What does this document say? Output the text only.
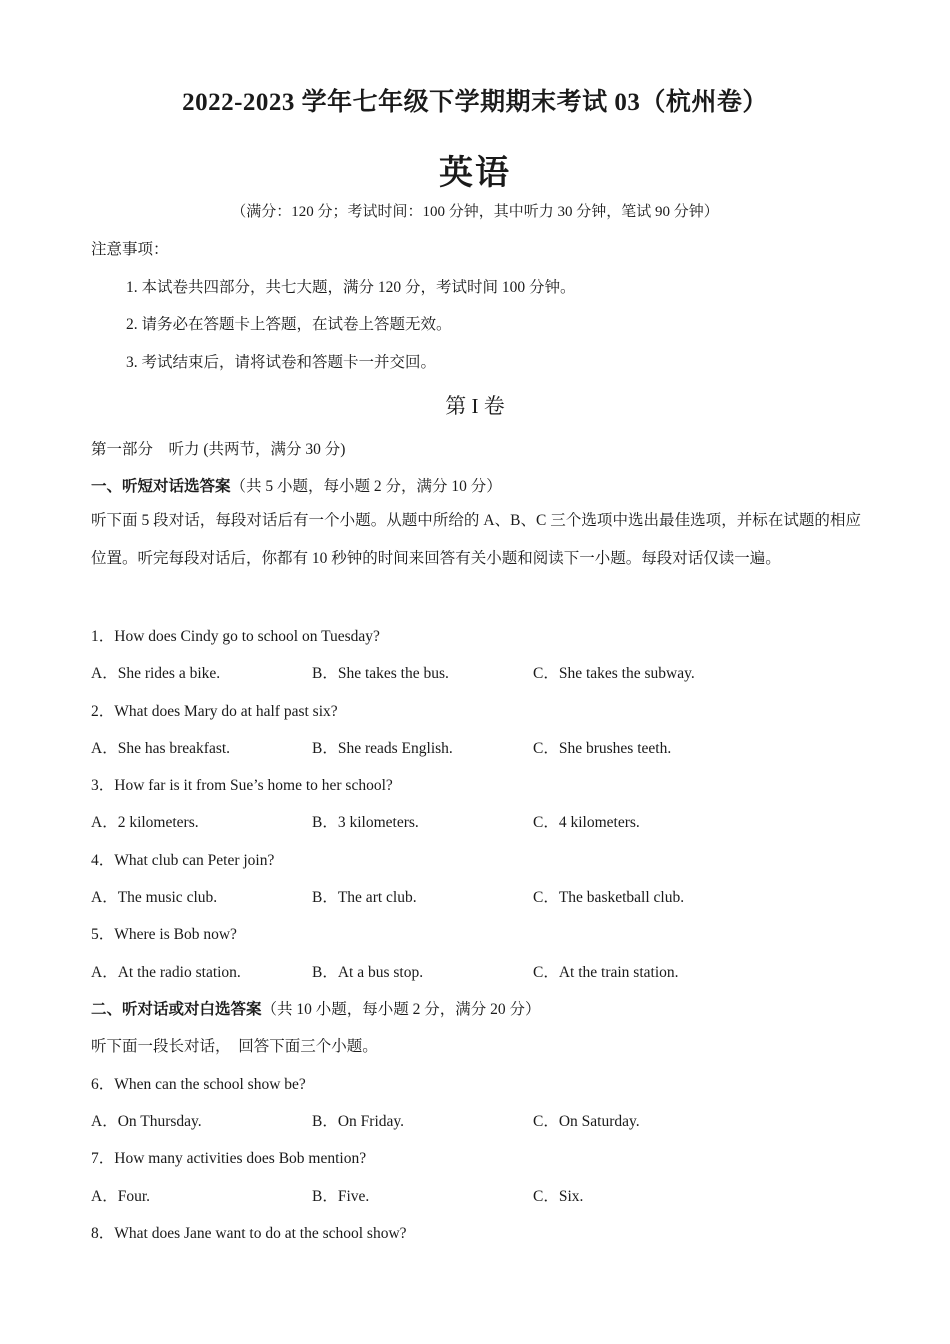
2022-2023 学年七年级下学期期末考试 03（杭州卷）
英语
（满分：120 分；考试时间：100 分钟，其中听力 30 分钟，笔试 90 分钟）
注意事项：
1. 本试卷共四部分，共七大题，满分 120 分，考试时间 100 分钟。
2. 请务必在答题卡上答题，在试卷上答题无效。
3. 考试结束后，请将试卷和答题卡一并交回。
第 I 卷
第一部分　听力 (共两节，满分 30 分)
一、听短对话选答案（共 5 小题，每小题 2 分，满分 10 分）
听下面 5 段对话，每段对话后有一个小题。从题中所给的 A、B、C 三个选项中选出最佳选项，并标在试题的相应位置。听完每段对话后，你都有 10 秒钟的时间来回答有关小题和阅读下一小题。每段对话仅读一遍。
1．How does Cindy go to school on Tuesday?
A．She rides a bike.	B．She takes the bus.	C．She takes the subway.
2．What does Mary do at half past six?
A．She has breakfast.	B．She reads English.	C．She brushes teeth.
3．How far is it from Sue’s home to her school?
A．2 kilometers.	B．3 kilometers.	C．4 kilometers.
4．What club can Peter join?
A．The music club.	B．The art club.	C．The basketball club.
5．Where is Bob now?
A．At the radio station.	B．At a bus stop.	C．At the train station.
二、听对话或对白选答案（共 10 小题，每小题 2 分，满分 20 分）
听下面一段长对话，　回答下面三个小题。
6．When can the school show be?
A．On Thursday.	B．On Friday.	C．On Saturday.
7．How many activities does Bob mention?
A．Four.	B．Five.	C．Six.
8．What does Jane want to do at the school show?
